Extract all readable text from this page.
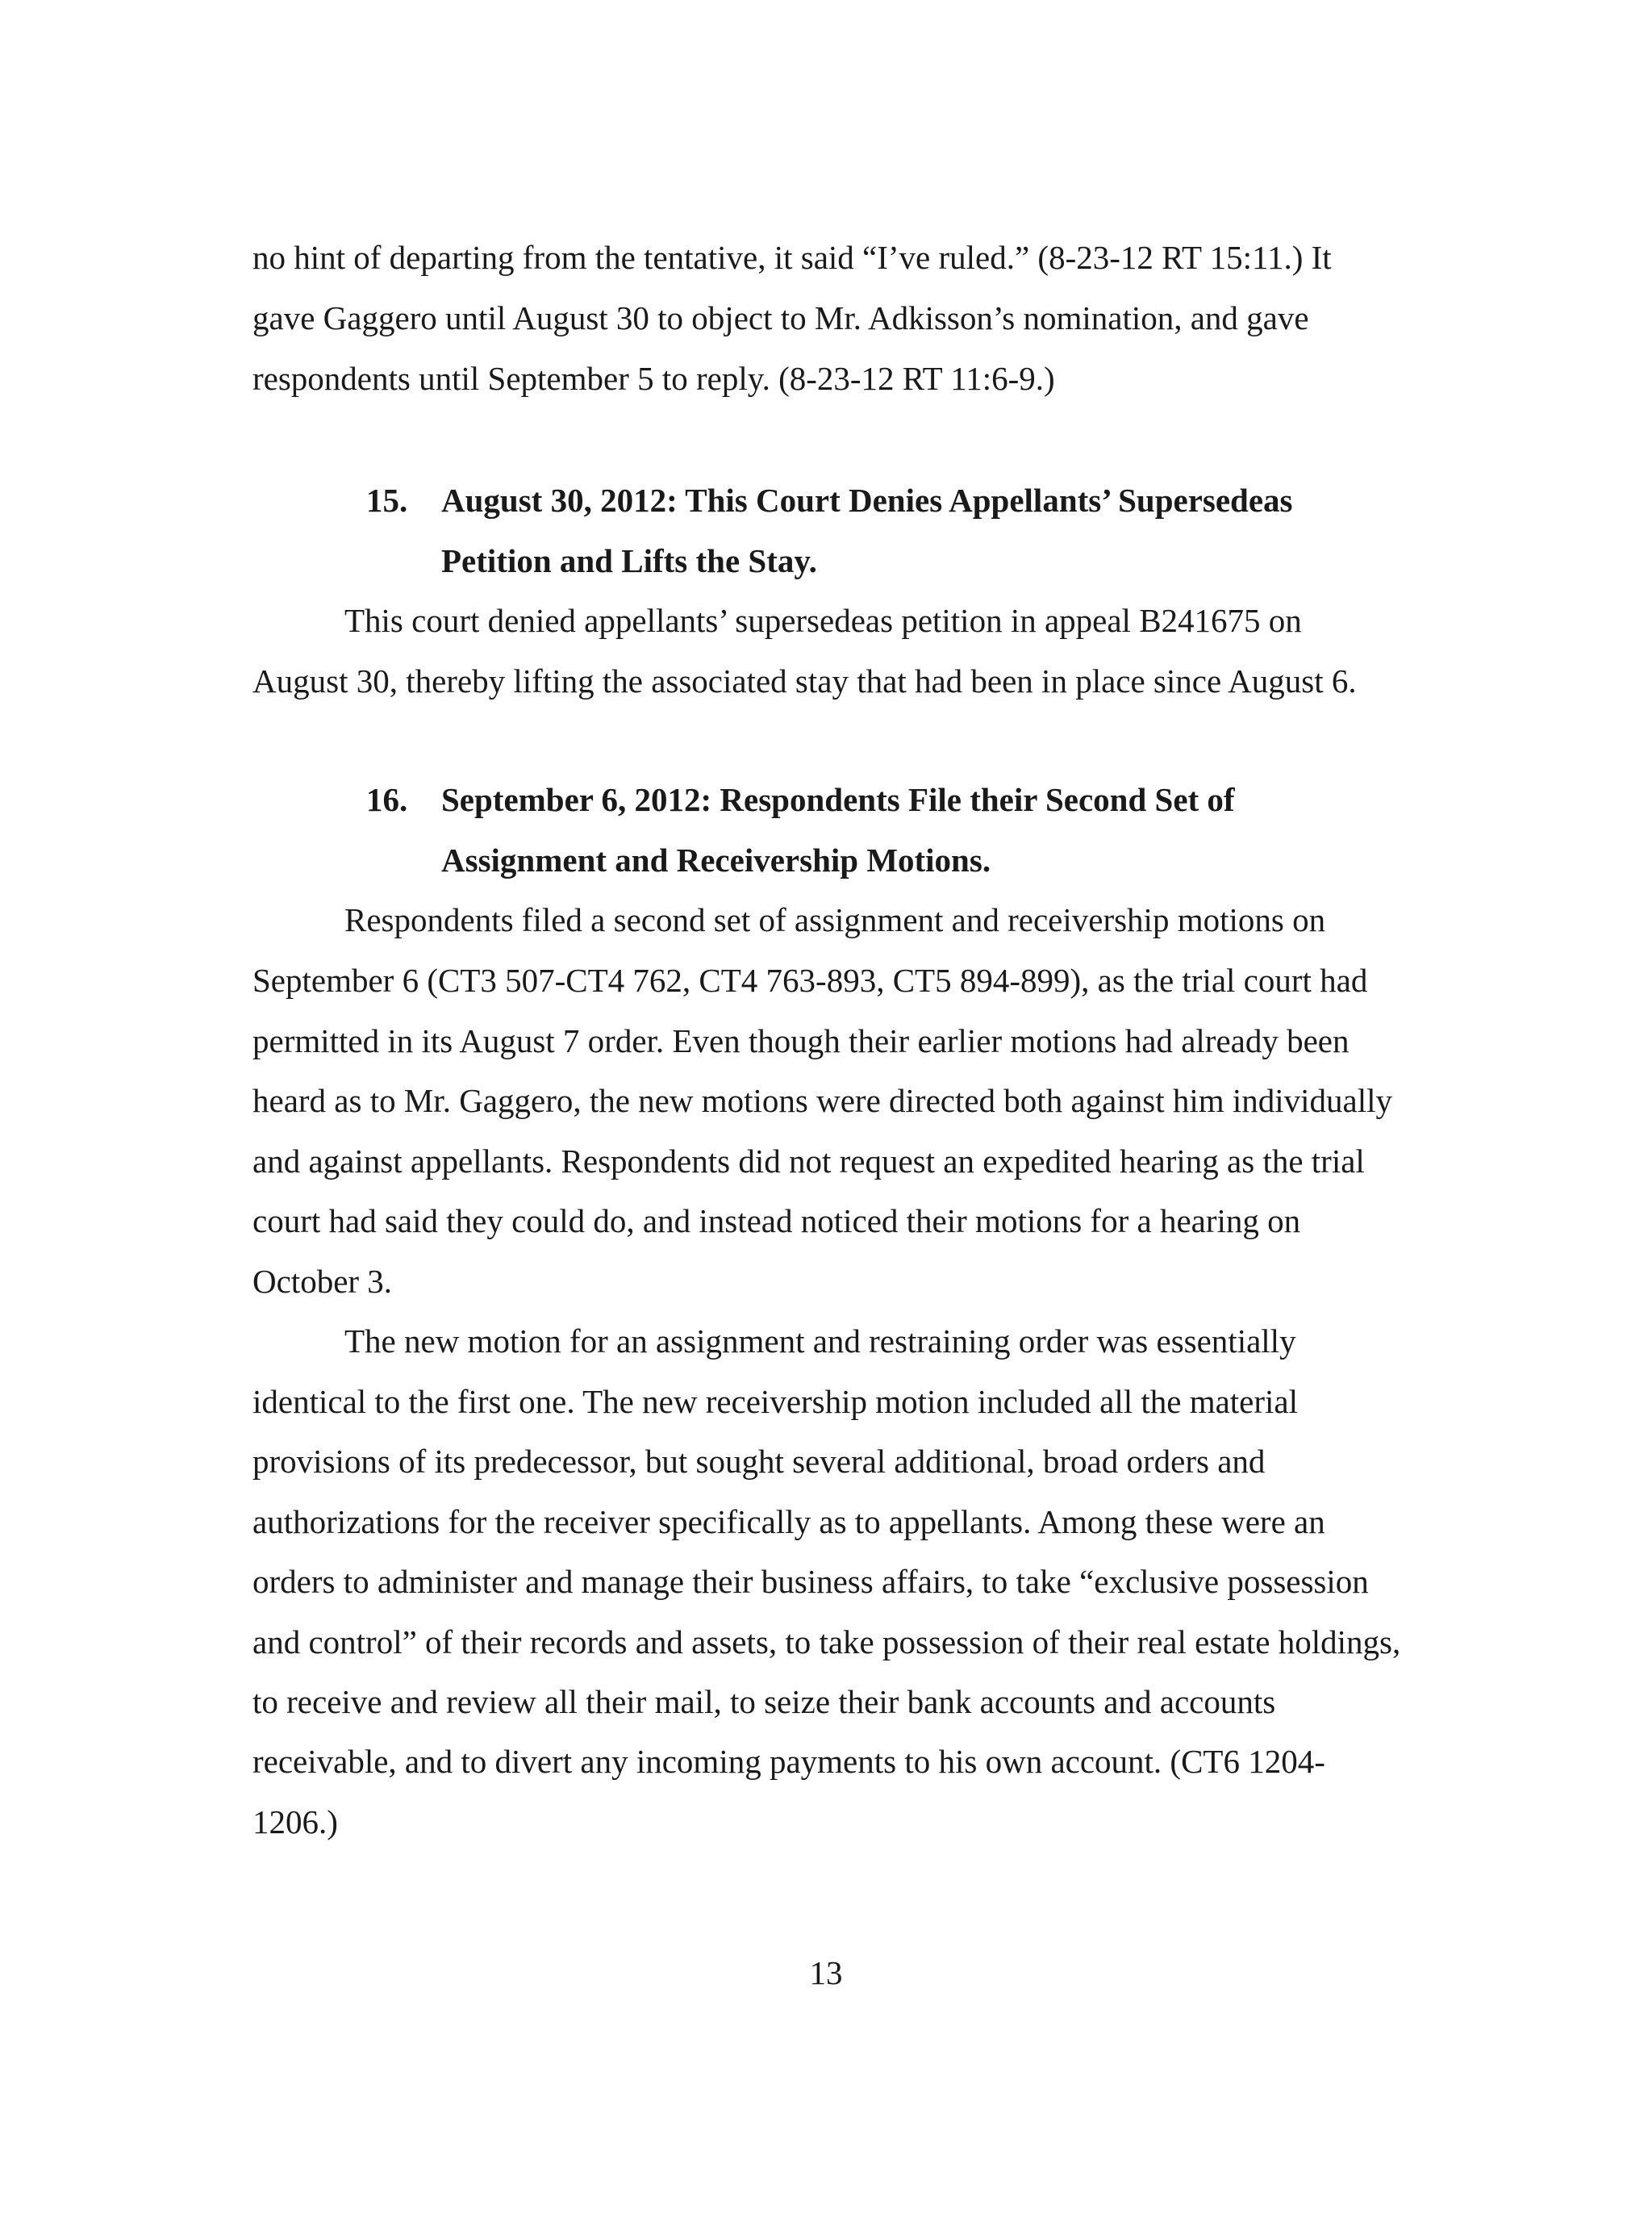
no hint of departing from the tentative, it said “I’ve ruled.” (8-23-12 RT 15:11.) It
gave Gaggero until August 30 to object to Mr. Adkisson’s nomination, and gave
respondents until September 5 to reply. (8-23-12 RT 11:6-9.)
15. August 30, 2012: This Court Denies Appellants’ Supersedeas
Petition and Lifts the Stay.
This court denied appellants’ supersedeas petition in appeal B241675 on
August 30, thereby lifting the associated stay that had been in place since August 6.
16. September 6, 2012: Respondents File their Second Set of
Assignment and Receivership Motions.
Respondents filed a second set of assignment and receivership motions on
September 6 (CT3 507-CT4 762, CT4 763-893, CT5 894-899), as the trial court had
permitted in its August 7 order. Even though their earlier motions had already been
heard as to Mr. Gaggero, the new motions were directed both against him individually
and against appellants. Respondents did not request an expedited hearing as the trial
court had said they could do, and instead noticed their motions for a hearing on
October 3.
The new motion for an assignment and restraining order was essentially
identical to the first one. The new receivership motion included all the material
provisions of its predecessor, but sought several additional, broad orders and
authorizations for the receiver specifically as to appellants. Among these were an
orders to administer and manage their business affairs, to take “exclusive possession
and control” of their records and assets, to take possession of their real estate holdings,
to receive and review all their mail, to seize their bank accounts and accounts
receivable, and to divert any incoming payments to his own account. (CT6 1204-
1206.)
13
